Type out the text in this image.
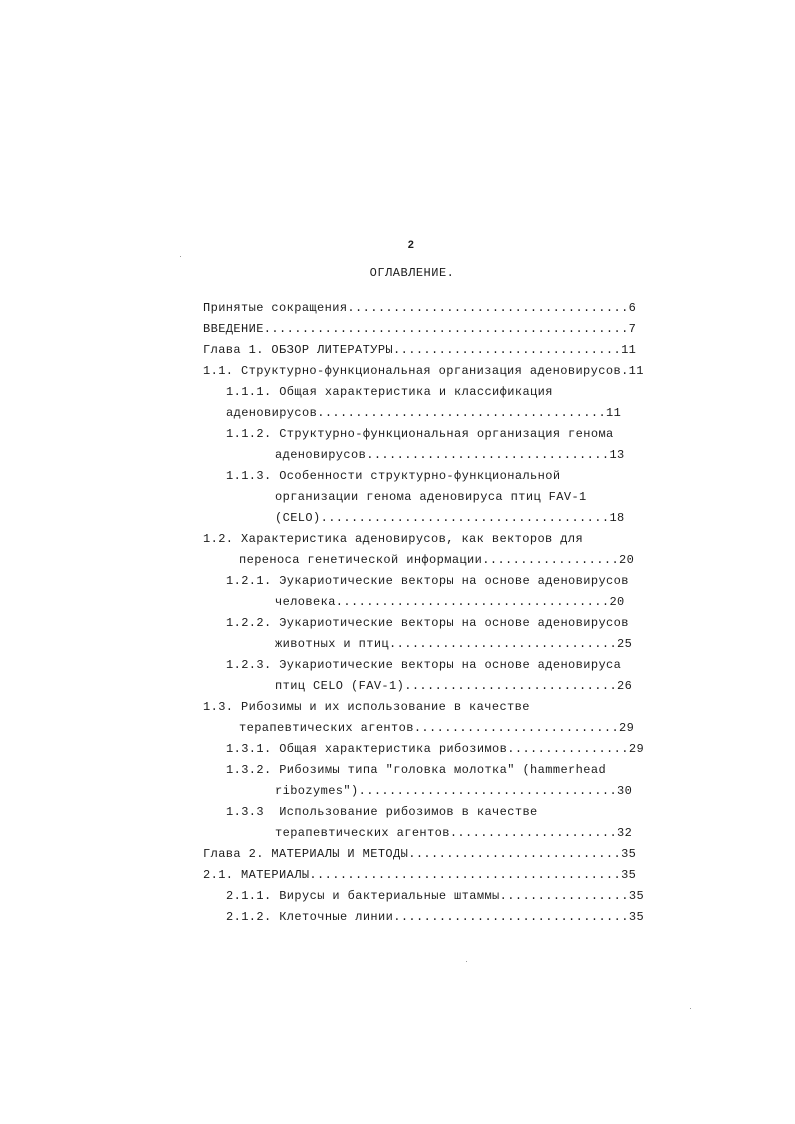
2
ОГЛАВЛЕНИЕ.
Принятые сокращения.....................................6
ВВЕДЕНИЕ................................................7
Глава 1. ОБЗОР ЛИТЕРАТУРЫ..............................11
1.1. Структурно-функциональная организация аденовирусов.11
1.1.1. Общая характеристика и классификация
аденовирусов......................................11
1.1.2. Структурно-функциональная организация генома
аденовирусов................................13
1.1.3. Особенности структурно-функциональной
организации генома аденовируса птиц FAV-1
(CELO)......................................18
1.2. Характеристика аденовирусов, как векторов для
переноса генетической информации..................20
1.2.1. Эукариотические векторы на основе аденовирусов
человека....................................20
1.2.2. Эукариотические векторы на основе аденовирусов
животных и птиц..............................25
1.2.3. Эукариотические векторы на основе аденовируса
птиц CELO (FAV-1)............................26
1.3. Рибозимы и их использование в качестве
терапевтических агентов...........................29
1.3.1. Общая характеристика рибозимов................29
1.3.2. Рибозимы типа "головка молотка" (hammerhead
ribozymes")..................................30
1.3.3  Использование рибозимов в качестве
терапевтических агентов......................32
Глава 2. МАТЕРИАЛЫ И МЕТОДЫ............................35
2.1. МАТЕРИАЛЫ.........................................35
2.1.1. Вирусы и бактериальные штаммы.................35
2.1.2. Клеточные линии...............................35
